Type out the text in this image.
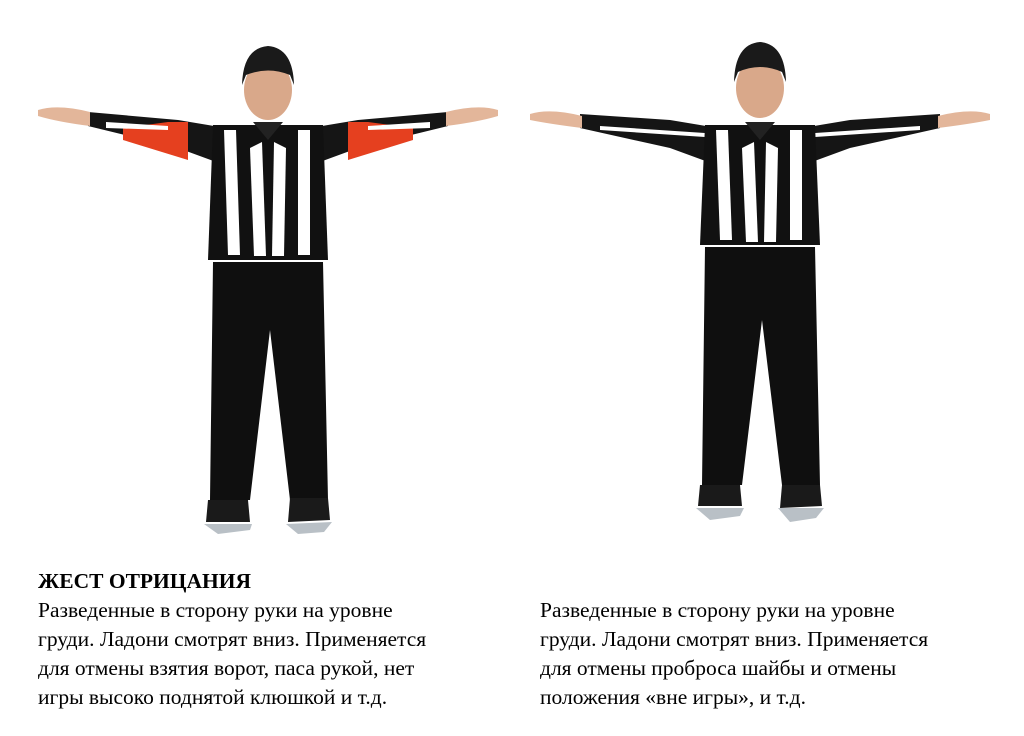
ЖЕСТ ОТРИЦАНИЯ
Разведенные в сторону руки на уровне
груди. Ладони смотрят вниз. Применяется
для отмены взятия ворот, паса рукой, нет
игры высоко поднятой клюшкой и т.д.
Разведенные в сторону руки на уровне
груди. Ладони смотрят вниз. Применяется
для отмены проброса шайбы и отмены
положения «вне игры», и т.д.
